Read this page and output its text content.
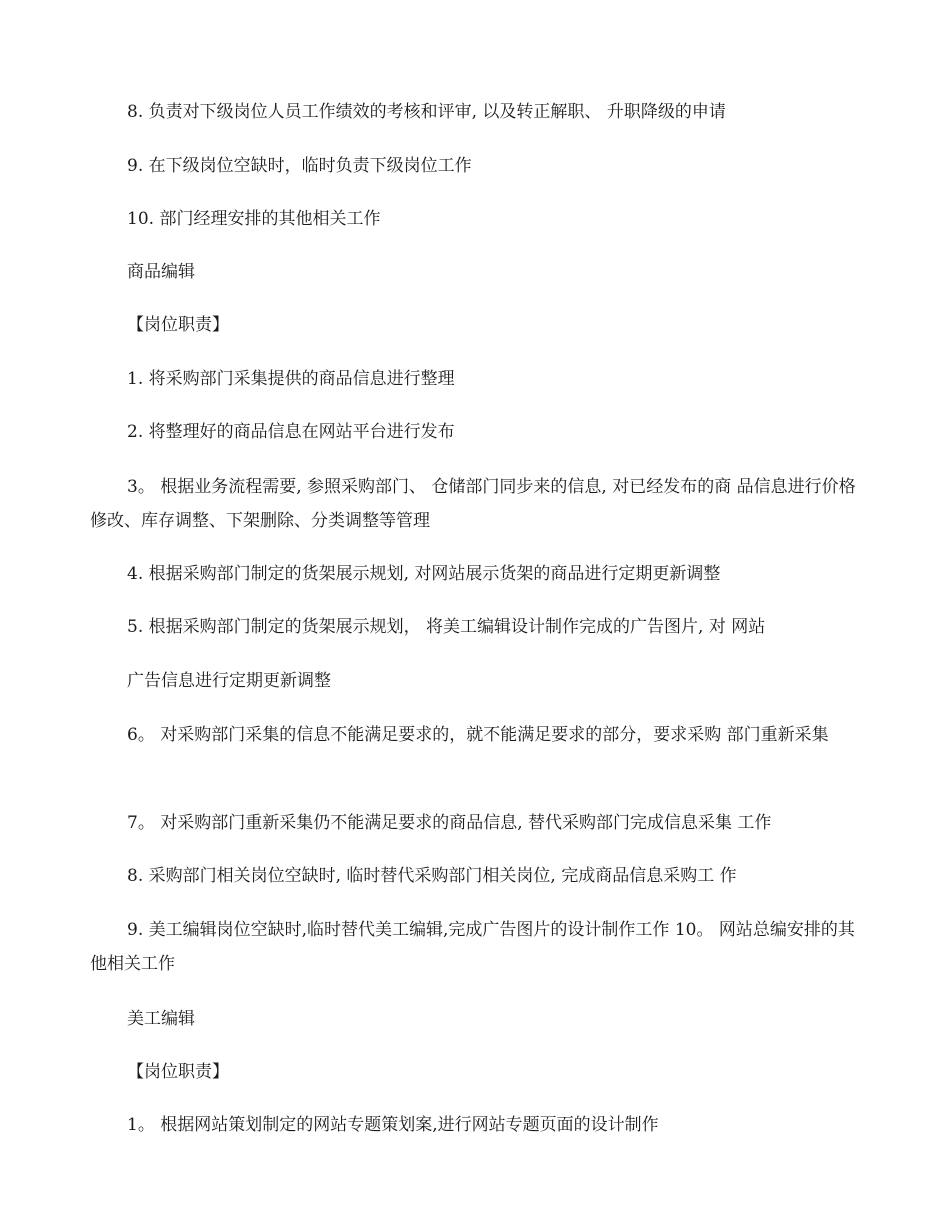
8. 负责对下级岗位人员工作绩效的考核和评审, 以及转正解职、 升职降级的申请

9. 在下级岗位空缺时，临时负责下级岗位工作

10. 部门经理安排的其他相关工作

商品编辑

【岗位职责】

1. 将采购部门采集提供的商品信息进行整理

2. 将整理好的商品信息在网站平台进行发布

3。 根据业务流程需要, 参照采购部门、 仓储部门同步来的信息, 对已经发布的商 品信息进行价格修改、库存调整、下架删除、分类调整等管理

4. 根据采购部门制定的货架展示规划, 对网站展示货架的商品进行定期更新调整

5. 根据采购部门制定的货架展示规划， 将美工编辑设计制作完成的广告图片, 对 网站

广告信息进行定期更新调整

6。 对采购部门采集的信息不能满足要求的，就不能满足要求的部分，要求采购 部门重新采集

7。 对采购部门重新采集仍不能满足要求的商品信息, 替代采购部门完成信息采集 工作

8. 采购部门相关岗位空缺时, 临时替代采购部门相关岗位, 完成商品信息采购工 作

9. 美工编辑岗位空缺时,临时替代美工编辑,完成广告图片的设计制作工作 10。 网站总编安排的其他相关工作

美工编辑

【岗位职责】

1。 根据网站策划制定的网站专题策划案,进行网站专题页面的设计制作
